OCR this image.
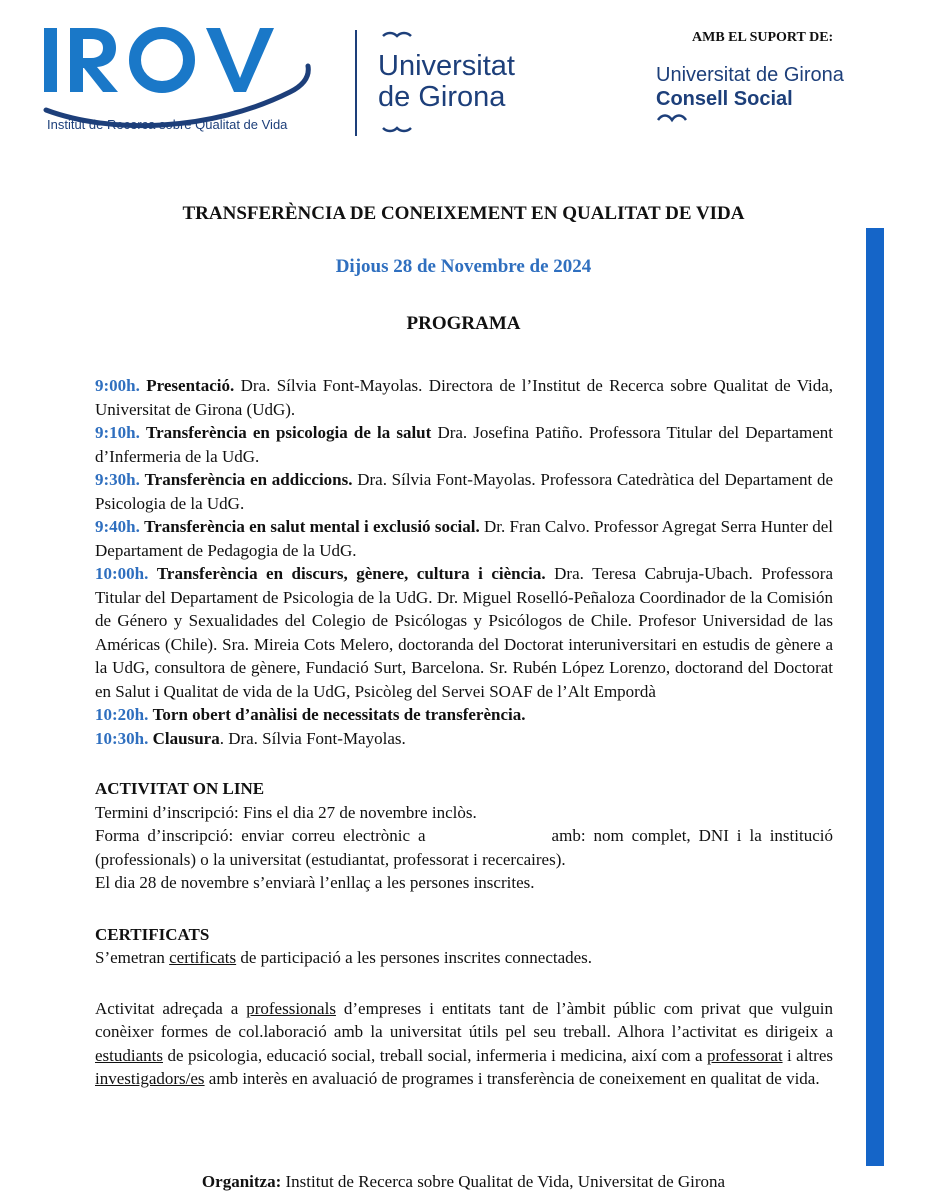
Institut de Recerca sobre Qualitat de Vida
Universitat
de Girona
AMB EL SUPORT DE:
Universitat de Girona
Consell Social
TRANSFERÈNCIA DE CONEIXEMENT EN QUALITAT DE VIDA
Dijous 28 de Novembre de 2024
PROGRAMA

9:00h. Presentació. Dra. Sílvia Font-Mayolas. Directora de l’Institut de Recerca sobre Qualitat de Vida, Universitat de Girona (UdG).

9:10h. Transferència en psicologia de la salut Dra. Josefina Patiño. Professora Titular del Departament d’Infermeria de la UdG.

9:30h. Transferència en addiccions. Dra. Sílvia Font-Mayolas. Professora Catedràtica del Departament de Psicologia de la UdG.

9:40h. Transferència en salut mental i exclusió social. Dr. Fran Calvo. Professor Agregat Serra Hunter del Departament de Pedagogia de la UdG.

10:00h. Transferència en discurs, gènere, cultura i ciència. Dra. Teresa Cabruja-Ubach. Professora Titular del Departament de Psicologia de la UdG. Dr. Miguel Roselló-Peñaloza Coordinador de la Comisión de Género y Sexualidades del Colegio de Psicólogas y Psicólogos de Chile. Profesor Universidad de las Américas (Chile). Sra. Mireia Cots Melero, doctoranda del Doctorat interuniversitari en estudis de gènere a la UdG, consultora de gènere, Fundació Surt, Barcelona. Sr. Rubén López Lorenzo, doctorand del Doctorat en Salut i Qualitat de vida de la UdG, Psicòleg del Servei SOAF de l’Alt Empordà

10:20h. Torn obert d’anàlisi de necessitats de transferència.

10:30h. Clausura. Dra. Sílvia Font-Mayolas.

ACTIVITAT ON LINE

Termini d’inscripció: Fins el dia 27 de novembre inclòs.

Forma d’inscripció: enviar correu electrònic a	amb: nom complet, DNI i la institució (professionals) o la universitat (estudiantat, professorat i recercaires).

El dia 28 de novembre s’enviarà l’enllaç a les persones inscrites.

CERTIFICATS

S’emetran certificats de participació a les persones inscrites connectades.

Activitat adreçada a professionals d’empreses i entitats tant de l’àmbit públic com privat que vulguin conèixer formes de col.laboració amb la universitat útils pel seu treball. Alhora l’activitat es dirigeix a estudiants de psicologia, educació social, treball social, infermeria i medicina, així com a professorat i altres investigadors/es amb interès en avaluació de programes i transferència de coneixement en qualitat de vida.

Organitza: Institut de Recerca sobre Qualitat de Vida, Universitat de Girona
